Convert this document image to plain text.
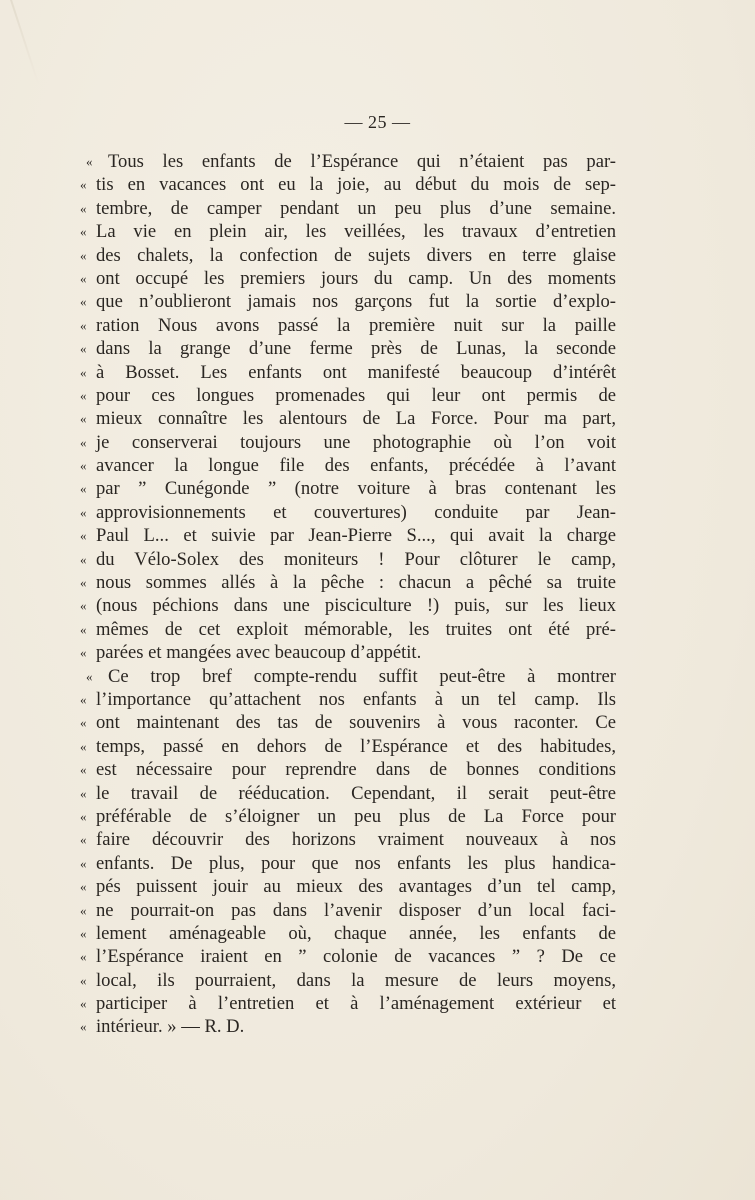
— 25 —
« Tous les enfants de l’Espérance qui n’étaient pas par-
« tis en vacances ont eu la joie, au début du mois de sep-
« tembre, de camper pendant un peu plus d’une semaine.
« La vie en plein air, les veillées, les travaux d’entretien
« des chalets, la confection de sujets divers en terre glaise
« ont occupé les premiers jours du camp. Un des moments
« que n’oublieront jamais nos garçons fut la sortie d’explo-
« ration Nous avons passé la première nuit sur la paille
« dans la grange d’une ferme près de Lunas, la seconde
« à Bosset. Les enfants ont manifesté beaucoup d’intérêt
« pour ces longues promenades qui leur ont permis de
« mieux connaître les alentours de La Force. Pour ma part,
« je conserverai toujours une photographie où l’on voit
« avancer la longue file des enfants, précédée à l’avant
« par ” Cunégonde ” (notre voiture à bras contenant les
« approvisionnements et couvertures) conduite par Jean-
« Paul L... et suivie par Jean-Pierre S..., qui avait la charge
« du Vélo-Solex des moniteurs ! Pour clôturer le camp,
« nous sommes allés à la pêche : chacun a pêché sa truite
« (nous péchions dans une pisciculture !) puis, sur les lieux
« mêmes de cet exploit mémorable, les truites ont été pré-
« parées et mangées avec beaucoup d’appétit.
« Ce trop bref compte-rendu suffit peut-être à montrer
« l’importance qu’attachent nos enfants à un tel camp. Ils
« ont maintenant des tas de souvenirs à vous raconter. Ce
« temps, passé en dehors de l’Espérance et des habitudes,
« est nécessaire pour reprendre dans de bonnes conditions
« le travail de rééducation. Cependant, il serait peut-être
« préférable de s’éloigner un peu plus de La Force pour
« faire découvrir des horizons vraiment nouveaux à nos
« enfants. De plus, pour que nos enfants les plus handica-
« pés puissent jouir au mieux des avantages d’un tel camp,
« ne pourrait-on pas dans l’avenir disposer d’un local faci-
« lement aménageable où, chaque année, les enfants de
« l’Espérance iraient en ” colonie de vacances ” ? De ce
« local, ils pourraient, dans la mesure de leurs moyens,
« participer à l’entretien et à l’aménagement extérieur et
« intérieur. » — R. D.
